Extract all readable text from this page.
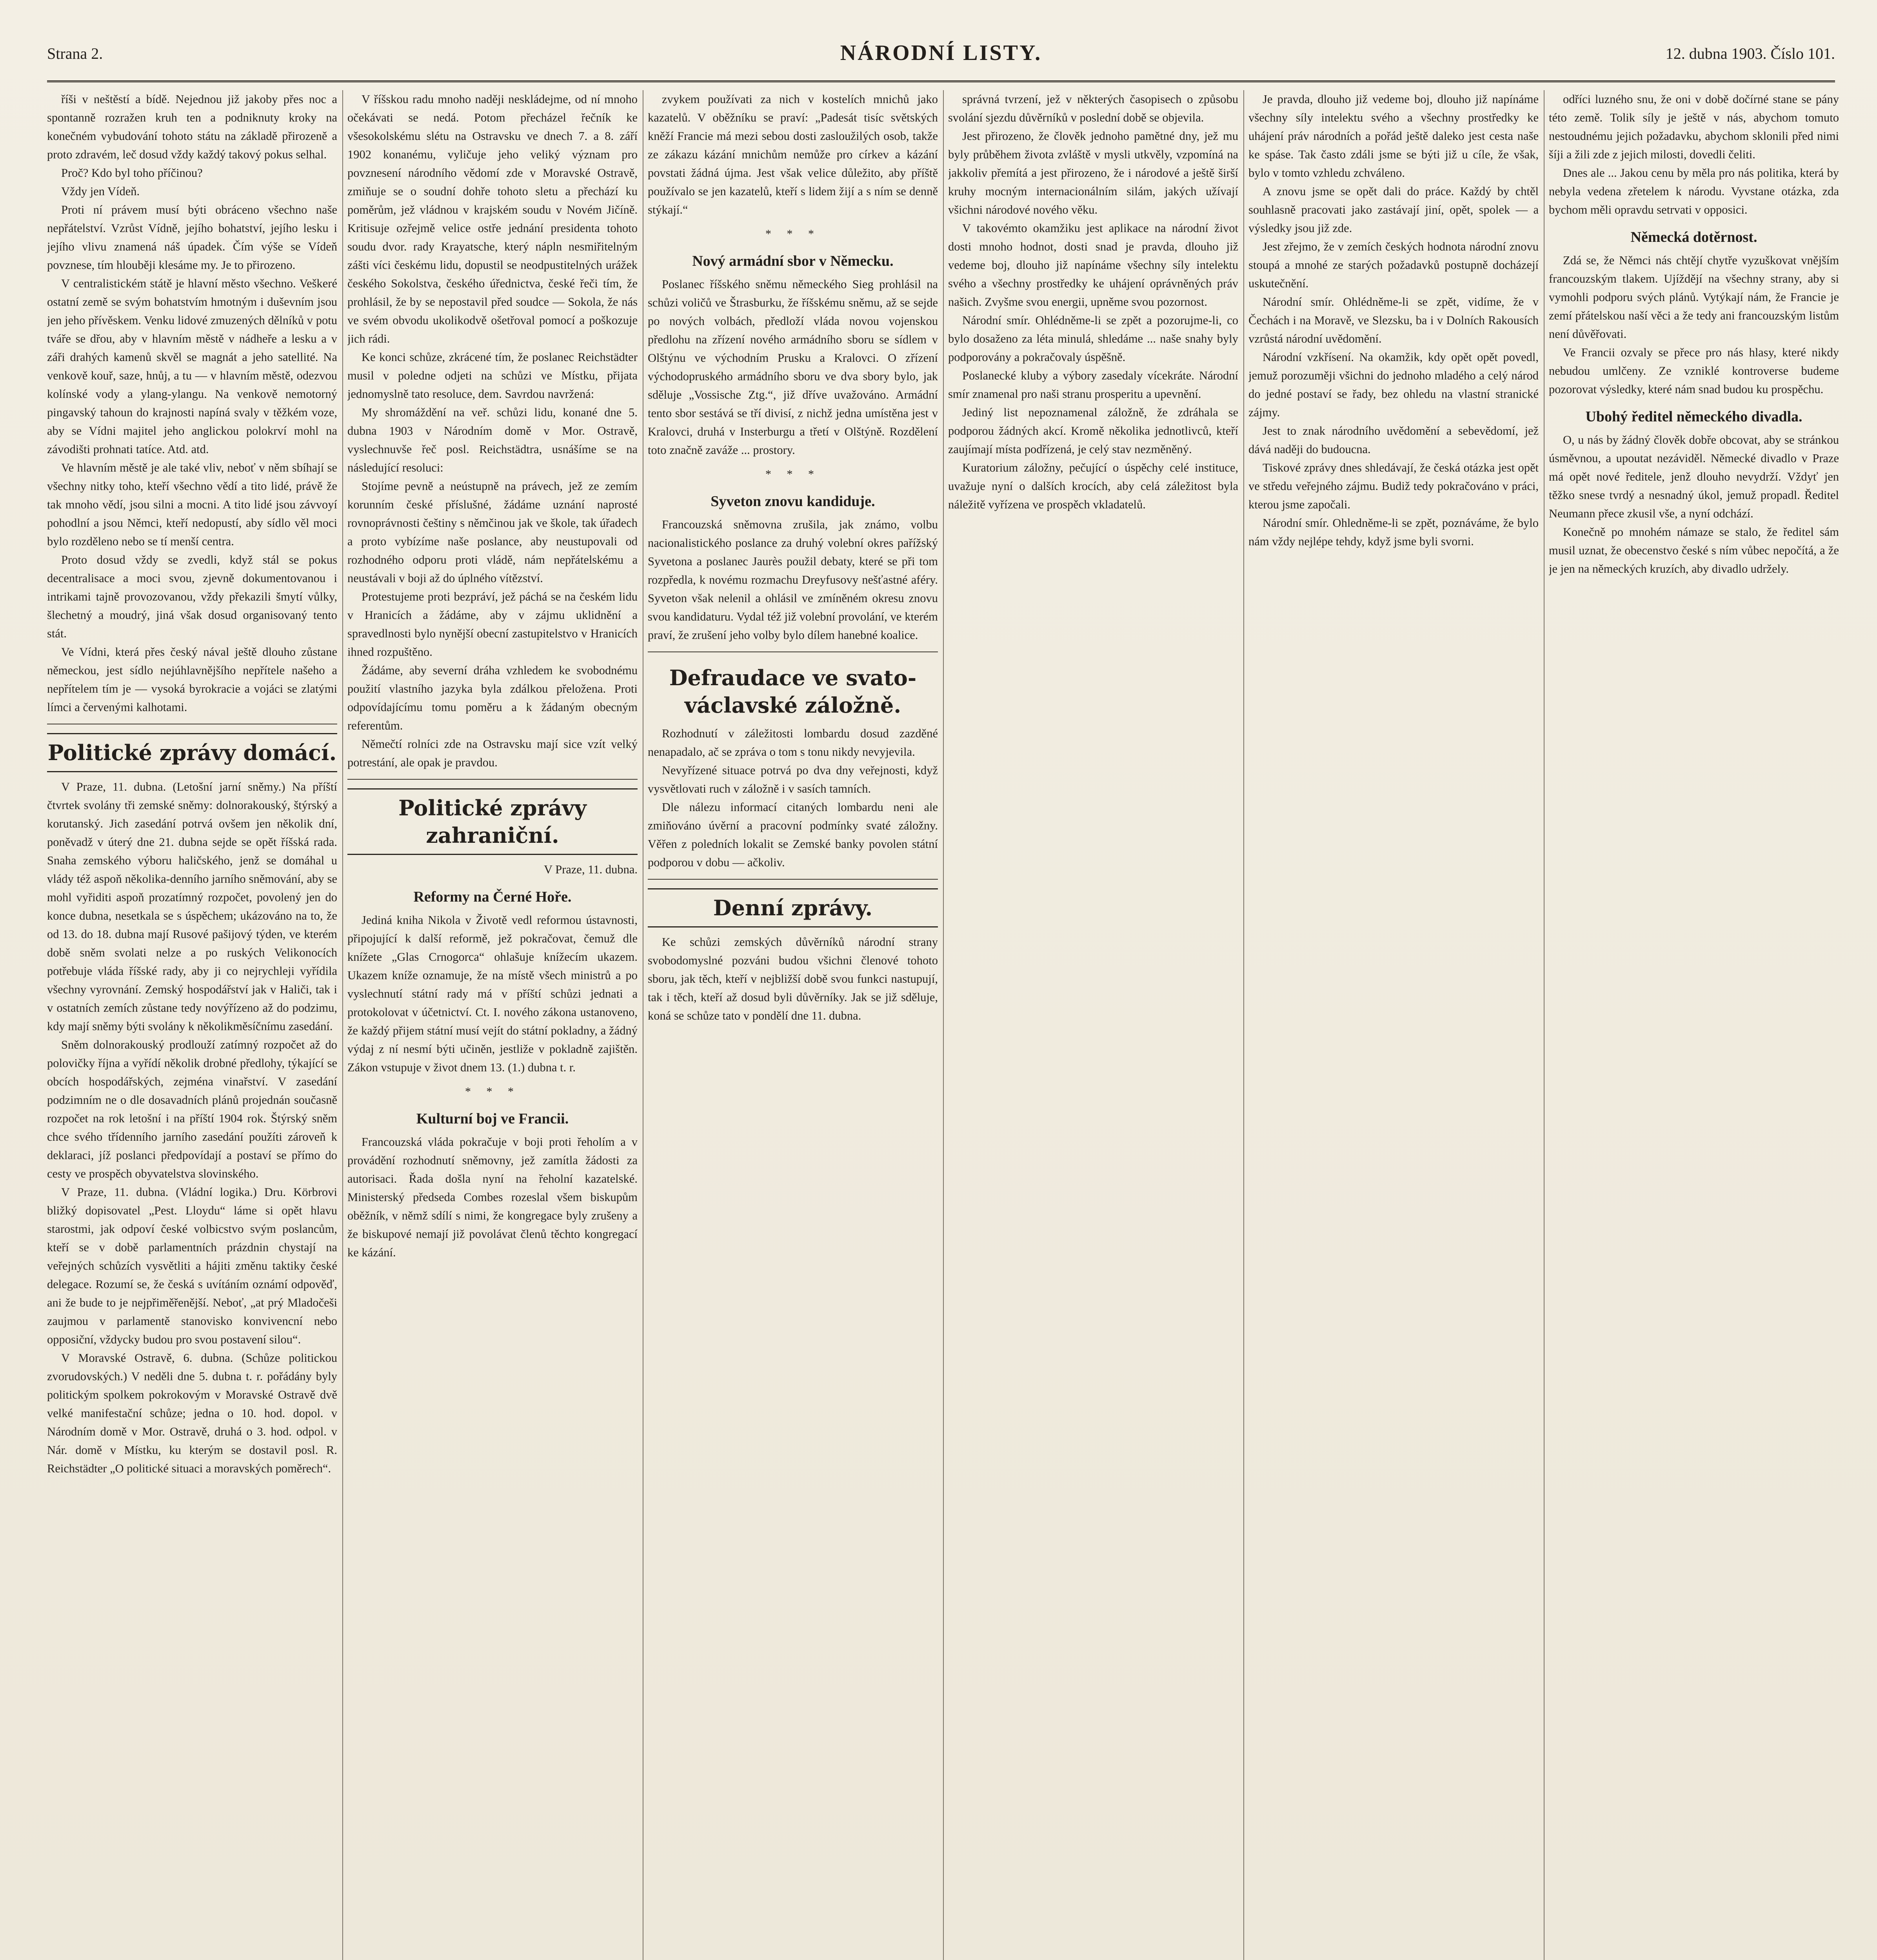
Strana 2.	NÁRODNÍ LISTY.	12. dubna 1903. Číslo 101.

říši v neštěstí a bídě. Nejednou již jakoby přes noc a spontanně rozražen kruh ten a podniknuty kroky na konečném vybudování tohoto státu na základě přirozeně a proto zdravém, leč dosud vždy každý takový pokus selhal.

Proč? Kdo byl toho příčinou?

Vždy jen Vídeň.

Proti ní právem musí býti obráceno všechno naše nepřátelství. Vzrůst Vídně, jejího bohatství, jejího lesku i jejího vlivu znamená náš úpadek. Čím výše se Vídeň povznese, tím hlouběji klesáme my. Je to přirozeno.

V centralistickém státě je hlavní město všechno. Veškeré ostatní země se svým bohatstvím hmotným i duševním jsou jen jeho přívěskem. Venku lidové zmuzených dělníků v potu tváře se dřou, aby v hlavním městě v nádheře a lesku a v záři drahých kamenů skvěl se magnát a jeho satellité. Na venkově kouř, saze, hnůj, a tu — v hlavním městě, odezvou kolínské vody a ylang-ylangu. Na venkově nemotorný pingavský tahoun do krajnosti napíná svaly v těžkém voze, aby se Vídni majitel jeho anglickou polokrví mohl na závodišti prohnati tatíce. Atd. atd.

Ve hlavním městě je ale také vliv, neboť v něm sbíhají se všechny nitky toho, kteří všechno vědí a tito lidé, právě že tak mnoho vědí, jsou silni a mocni. A tito lidé jsou závvoyí pohodlní a jsou Němci, kteří nedopustí, aby sídlo věl moci bylo rozděleno nebo se tí menší centra.

Proto dosud vždy se zvedli, když stál se pokus decentralisace a moci svou, zjevně dokumentovanou i intrikami tajně provozovanou, vždy překazili šmytí vůlky, šlechetný a moudrý, jiná však dosud organisovaný tento stát.

Ve Vídni, která přes český nával ještě dlouho zůstane německou, jest sídlo nejúhlavnějšího nepřítele našeho a nepřítelem tím je — vysoká byrokracie a vojáci se zlatými límci a červenými kalhotami.

Politické zprávy domácí.

V Praze, 11. dubna. (Letošní jarní sněmy.) Na příští čtvrtek svolány tři zemské sněmy: dolnorakouský, štýrský a korutanský. Jich zasedání potrvá ovšem jen několik dní, poněvadž v úterý dne 21. dubna sejde se opět říšská rada. Snaha zemského výboru haličského, jenž se domáhal u vlády též aspoň několika-denního jarního sněmování, aby se mohl vyřiditi aspoň prozatímný rozpočet, povolený jen do konce dubna, nesetkala se s úspěchem; ukázováno na to, že od 13. do 18. dubna mají Rusové pašijový týden, ve kterém době sněm svolati nelze a po ruských Velikonocích potřebuje vláda říšské rady, aby ji co nejrychleji vyřídila všechny vyrovnání. Zemský hospodářství jak v Haliči, tak i v ostatních zemích zůstane tedy novýřízeno až do podzimu, kdy mají sněmy býti svolány k několikměsíčnímu zasedání.

Sněm dolnorakouský prodlouží zatímný rozpočet až do polovičky října a vyřídí několik drobné předlohy, týkající se obcích hospodářských, zejména vinařství. V zasedání podzimním ne o dle dosavadních plánů projednán současně rozpočet na rok letošní i na příští 1904 rok. Štýrský sněm chce svého třídenního jarního zasedání použíti zároveň k deklaraci, jíž poslanci předpovídají a postaví se přímo do cesty ve prospěch obyvatelstva slovinského.

V Praze, 11. dubna. (Vládní logika.) Dru. Körbrovi bližký dopisovatel „Pest. Lloydu“ láme si opět hlavu starostmi, jak odpoví české volbicstvo svým poslancům, kteří se v době parlamentních prázdnin chystají na veřejných schůzích vysvětliti a hájiti změnu taktiky české delegace. Rozumí se, že česká s uvítáním oznámí odpověď, ani že bude to je nejpřiměřenější. Neboť, „at prý Mladočeši zaujmou v parlamentě stanovisko konvivencní nebo opposiční, vždycky budou pro svou postavení silou“.

V Moravské Ostravě, 6. dubna. (Schůze politickou zvorudovských.) V neděli dne 5. dubna t. r. pořádány byly politickým spolkem pokrokovým v Moravské Ostravě dvě velké manifestační schůze; jedna o 10. hod. dopol. v Národním domě v Mor. Ostravě, druhá o 3. hod. odpol. v Nár. domě v Místku, ku kterým se dostavil posl. R. Reichstädter „O politické situaci a moravských poměrech“.

V říšskou radu mnoho naději neskládejme, od ní mnoho očekávati se nedá. Potom přecházel řečník ke všesokolskému slétu na Ostravsku ve dnech 7. a 8. září 1902 konanému, vyličuje jeho veliký význam pro povznesení národního vědomí zde v Moravské Ostravě, zmiňuje se o soudní dohře tohoto sletu a přechází ku poměrům, jež vládnou v krajském soudu v Novém Jičíně. Kritisuje ozřejmě velice ostře jednání presidenta tohoto soudu dvor. rady Krayatsche, který nápln nesmiřitelným zášti víci českému lidu, dopustil se neodpustitelných urážek českého Sokolstva, českého úřednictva, české řeči tím, že prohlásil, že by se nepostavil před soudce — Sokola, že nás ve svém obvodu ukolikodvě ošetřoval pomocí a poškozuje jich rádi.

Ke konci schůze, zkrácené tím, že poslanec Reichstädter musil v poledne odjeti na schůzi ve Místku, přijata jednomyslně tato resoluce, dem. Savrdou navržená:

My shromáždění na veř. schůzi lidu, konané dne 5. dubna 1903 v Národním domě v Mor. Ostravě, vyslechnuvše řeč posl. Reichstädtra, usnášíme se na následující resoluci:

Stojíme pevně a neústupně na právech, jež ze zemím korunním české příslušné, žádáme uznání naprosté rovnoprávnosti češtiny s němčinou jak ve škole, tak úřadech a proto vybízíme naše poslance, aby neustupovali od rozhodného odporu proti vládě, nám nepřátelskému a neustávali v boji až do úplného vítězství.

Protestujeme proti bezpráví, jež páchá se na českém lidu v Hranicích a žádáme, aby v zájmu uklidnění a spravedlnosti bylo nynější obecní zastupitelstvo v Hranicích ihned rozpuštěno.

Žádáme, aby severní dráha vzhledem ke svobodnému použití vlastního jazyka byla zdálkou přeložena. Proti odpovídajícímu tomu poměru a k žádaným obecným referentům.

Němečtí rolníci zde na Ostravsku mají sice vzít velký potrestání, ale opak je pravdou.

Politické zprávy zahraniční.

V Praze, 11. dubna.

Reformy na Černé Hoře.

Jediná kniha Nikola v Životě vedl reformou ústavnosti, připojující k další reformě, jež pokračovat, čemuž dle knížete „Glas Crnogorca“ ohlašuje knížecím ukazem. Ukazem kníže oznamuje, že na místě všech ministrů a po vyslechnutí státní rady má v příští schůzi jednati a protokolovat v účetnictví. Ct. I. nového zákona ustanoveno, že každý přijem státní musí vejít do státní pokladny, a žádný výdaj z ní nesmí býti učiněn, jestliže v pokladně zajištěn. Zákon vstupuje v život dnem 13. (1.) dubna t. r.

* * *
Kulturní boj ve Francii.

Francouzská vláda pokračuje v boji proti řeholím a v provádění rozhodnutí sněmovny, jež zamítla žádosti za autorisaci. Řada došla nyní na řeholní kazatelské. Ministerský předseda Combes rozeslal všem biskupům oběžník, v němž sdílí s nimi, že kongregace byly zrušeny a že biskupové nemají již povolávat členů těchto kongregací ke kázání.

zvykem používati za nich v kostelích mnichů jako kazatelů. V oběžníku se praví: „Padesát tisíc světských kněží Francie má mezi sebou dosti zasloužilých osob, takže ze zákazu kázání mnichům nemůže pro církev a kázání povstati žádná újma. Jest však velice důležito, aby příště používalo se jen kazatelů, kteří s lidem žijí a s ním se denně stýkají.“

* * *
Nový armádní sbor v Německu.

Poslanec říšského sněmu německého Sieg prohlásil na schůzi voličů ve Štrasburku, že říšskému sněmu, až se sejde po nových volbách, předloží vláda novou vojenskou předlohu na zřízení nového armádního sboru se sídlem v Olštýnu ve východním Prusku a Kralovci. O zřízení východopruského armádního sboru ve dva sbory bylo, jak sděluje „Vossische Ztg.“, již dříve uvažováno. Armádní tento sbor sestává se tří divisí, z nichž jedna umístěna jest v Kralovci, druhá v Insterburgu a třetí v Olštýně. Rozdělení toto značně zaváže ... prostory.

* * *
Syveton znovu kandiduje.

Francouzská sněmovna zrušila, jak známo, volbu nacionalistického poslance za druhý volební okres pařížský Syvetona a poslanec Jaurès použil debaty, které se při tom rozpředla, k novému rozmachu Dreyfusovy nešťastné aféry. Syveton však nelenil a ohlásil ve zmíněném okresu znovu svou kandidaturu. Vydal též již volební provolání, ve kterém praví, že zrušení jeho volby bylo dílem hanebné koalice.

Defraudace ve svato-václavské záložně.

Rozhodnutí v záležitosti lombardu dosud zazděné nenapadalo, ač se zpráva o tom s tonu nikdy nevyjevila.

Nevyřízené situace potrvá po dva dny veřejnosti, když vysvětlovati ruch v záložně i v sasích tamních.

Dle nálezu informací citaných lombardu neni ale zmiňováno úvěrní a pracovní podmínky svaté záložny. Věřen z poledních lokalit se Zemské banky povolen státní podporou v dobu — ačkoliv.

Denní zprávy.

Ke schůzi zemských důvěrníků národní strany svobodomyslné pozváni budou všichni členové tohoto sboru, jak těch, kteří v nejbližší době svou funkci nastupují, tak i těch, kteří až dosud byli důvěrníky. Jak se již sděluje, koná se schůze tato v pondělí dne 11. dubna.

správná tvrzení, jež v některých časopisech o způsobu svolání sjezdu důvěrníků v poslední době se objevila.

Jest přirozeno, že člověk jednoho pamětné dny, jež mu byly průběhem života zvláště v mysli utkvěly, vzpomíná na jakkoliv přemítá a jest přirozeno, že i národové a ještě širší kruhy mocným internacionálním silám, jakých užívají všichni národové nového věku.

V takovémto okamžiku jest aplikace na národní život dosti mnoho hodnot, dosti snad je pravda, dlouho již vedeme boj, dlouho již napínáme všechny síly intelektu svého a všechny prostředky ke uhájení oprávněných práv našich. Zvyšme svou energii, upněme svou pozornost.

Národní smír. Ohlédněme-li se zpět a pozorujme-li, co bylo dosaženo za léta minulá, shledáme ... naše snahy byly podporovány a pokračovaly úspěšně.

Poslanecké kluby a výbory zasedaly vícekráte. Národní smír znamenal pro naši stranu prosperitu a upevnění.

Jediný list nepoznamenal záložně, že zdráhala se podporou žádných akcí. Kromě několika jednotlivců, kteří zaujímají místa podřízená, je celý stav nezměněný.

Kuratorium záložny, pečující o úspěchy celé instituce, uvažuje nyní o dalších krocích, aby celá záležitost byla náležitě vyřízena ve prospěch vkladatelů.

Je pravda, dlouho již vedeme boj, dlouho již napínáme všechny síly intelektu svého a všechny prostředky ke uhájení práv národních a pořád ještě daleko jest cesta naše ke spáse. Tak často zdáli jsme se býti již u cíle, že však, bylo v tomto vzhledu zchváleno.

A znovu jsme se opět dali do práce. Každý by chtěl souhlasně pracovati jako zastávají jiní, opět, spolek — a výsledky jsou již zde.

Jest zřejmo, že v zemích českých hodnota národní znovu stoupá a mnohé ze starých požadavků postupně docházejí uskutečnění.

Národní smír. Ohlédněme-li se zpět, vidíme, že v Čechách i na Moravě, ve Slezsku, ba i v Dolních Rakousích vzrůstá národní uvědomění.

Národní vzkřísení. Na okamžik, kdy opět opět povedl, jemuž porozuměji všichni do jednoho mladého a celý národ do jedné postaví se řady, bez ohledu na vlastní stranické zájmy.

Jest to znak národního uvědomění a sebevědomí, jež dává naději do budoucna.

Tiskové zprávy dnes shledávají, že česká otázka jest opět ve středu veřejného zájmu. Budiž tedy pokračováno v práci, kterou jsme započali.

Národní smír. Ohledněme-li se zpět, poznáváme, že bylo nám vždy nejlépe tehdy, když jsme byli svorni.

odříci luzného snu, že oni v době dočírné stane se pány této země. Tolik síly je ještě v nás, abychom tomuto nestoudnému jejich požadavku, abychom sklonili před nimi šíji a žili zde z jejich milosti, dovedli čeliti.

Dnes ale ... Jakou cenu by měla pro nás politika, která by nebyla vedena zřetelem k národu. Vyvstane otázka, zda bychom měli opravdu setrvati v opposici.

Německá dotěrnost.

Zdá se, že Němci nás chtějí chytře vyzuškovat vnějším francouzským tlakem. Ujíždějí na všechny strany, aby si vymohli podporu svých plánů. Vytýkají nám, že Francie je zemí přátelskou naší věci a že tedy ani francouzským listům není důvěřovati.

Ve Francii ozvaly se přece pro nás hlasy, které nikdy nebudou umlčeny. Ze vzniklé kontroverse budeme pozorovat výsledky, které nám snad budou ku prospěchu.

Ubohý ředitel německého divadla.

O, u nás by žádný člověk dobře obcovat, aby se stránkou úsměvnou, a upoutat nezáviděl. Německé divadlo v Praze má opět nové ředitele, jenž dlouho nevydrží. Vždyť jen těžko snese tvrdý a nesnadný úkol, jemuž propadl. Ředitel Neumann přece zkusil vše, a nyní odchází.

Konečně po mnohém námaze se stalo, že ředitel sám musil uznat, že obecenstvo české s ním vůbec nepočítá, a že je jen na německých kruzích, aby divadlo udržely.
